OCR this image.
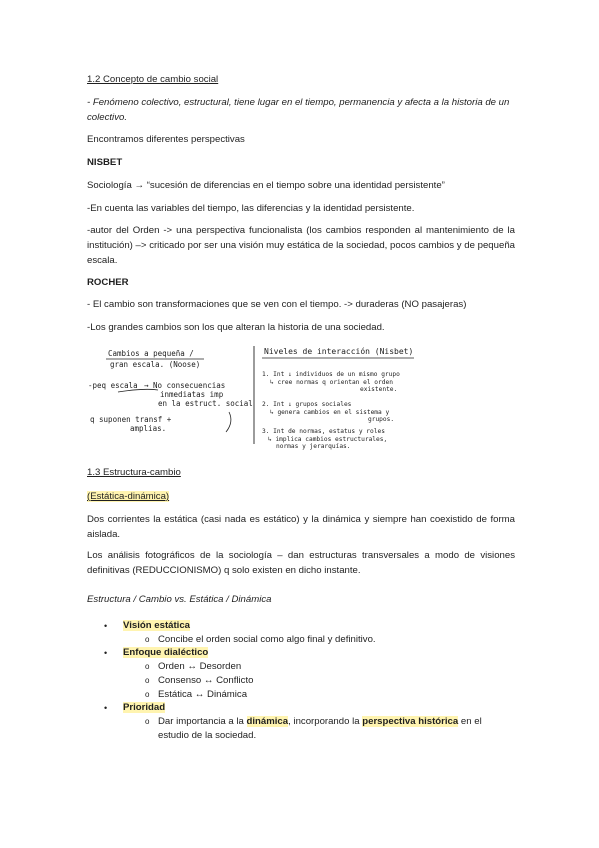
1.2 Concepto de cambio social

- Fenómeno colectivo, estructural, tiene lugar en el tiempo, permanencia y afecta a la historia de un colectivo.

Encontramos diferentes perspectivas

NISBET

Sociología → “sucesión de diferencias en el tiempo sobre una identidad persistente”

-En cuenta las variables del tiempo, las diferencias y la identidad persistente.

-autor del Orden -> una perspectiva funcionalista (los cambios responden al mantenimiento de la institución) –> criticado por ser una visión muy estática de la sociedad, pocos cambios y de pequeña escala.

ROCHER

- El cambio son transformaciones que se ven con el tiempo. -> duraderas (NO pasajeras)

-Los grandes cambios son los que alteran la historia de una sociedad.

Cambios a pequeña /
gran escala. (Noose)
-peq escala → No consecuencias
inmediatas imp
en la estruct. social
q suponen transf +
amplias.
Niveles de interacción (Nisbet)
1. Int ↓ individuos de un mismo grupo
↳ cree normas q orientan el orden
existente.
2. Int ↓ grupos sociales
↳ genera cambios en el sistema y
grupos.
3. Int de normas, estatus y roles
↳ implica cambios estructurales,
normas y jerarquías.

1.3 Estructura-cambio

(Estática-dinámica)

Dos corrientes la estática (casi nada es estático) y la dinámica y siempre han coexistido de forma aislada.

Los análisis fotográficos de la sociología – dan estructuras transversales a modo de visiones definitivas (REDUCCIONISMO) q solo existen en dicho instante.

Estructura / Cambio vs. Estática / Dinámica

•	Visión estática
o Concibe el orden social como algo final y definitivo.
•	Enfoque dialéctico
o Orden ↔ Desorden
o Consenso ↔ Conflicto
o Estática ↔ Dinámica
•	Prioridad
o Dar importancia a la dinámica, incorporando la perspectiva histórica en el
estudio de la sociedad.
